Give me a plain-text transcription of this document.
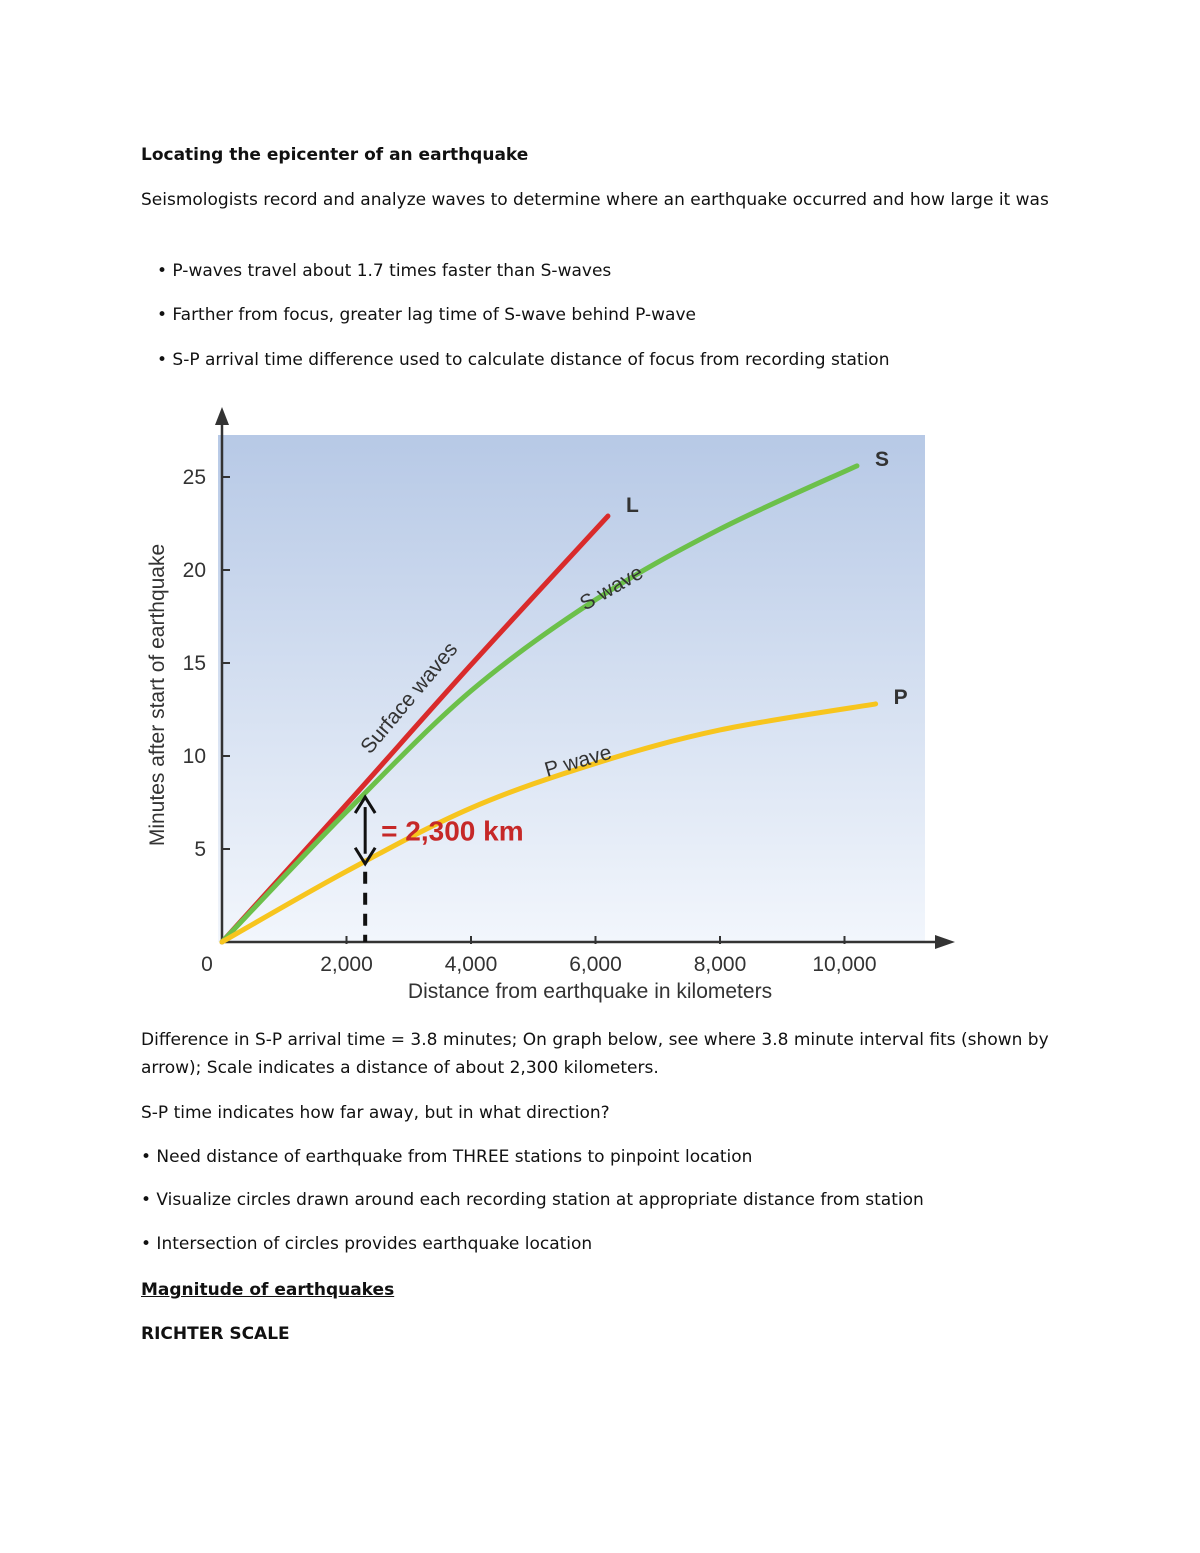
Locating the epicenter of an earthquake
Seismologists record and analyze waves to determine where an earthquake occurred and how large it was
• P-waves travel about 1.7 times faster than S-waves
• Farther from focus, greater lag time of S-wave behind P-wave
• S-P arrival time difference used to calculate distance of focus from recording station
0	2,000	4,000	6,000	8,000	10,000
5
10
15
20
25
L
S
P
Surface waves
S wave
P wave
= 2,300 km
Distance from earthquake in kilometers
Minutes after start of earthquake
Difference in S-P arrival time = 3.8 minutes; On graph below, see where 3.8 minute interval fits (shown by arrow); Scale indicates a distance of about 2,300 kilometers.
S-P time indicates how far away, but in what direction?
• Need distance of earthquake from THREE stations to pinpoint location
• Visualize circles drawn around each recording station at appropriate distance from station
• Intersection of circles provides earthquake location
Magnitude of earthquakes
RICHTER SCALE
